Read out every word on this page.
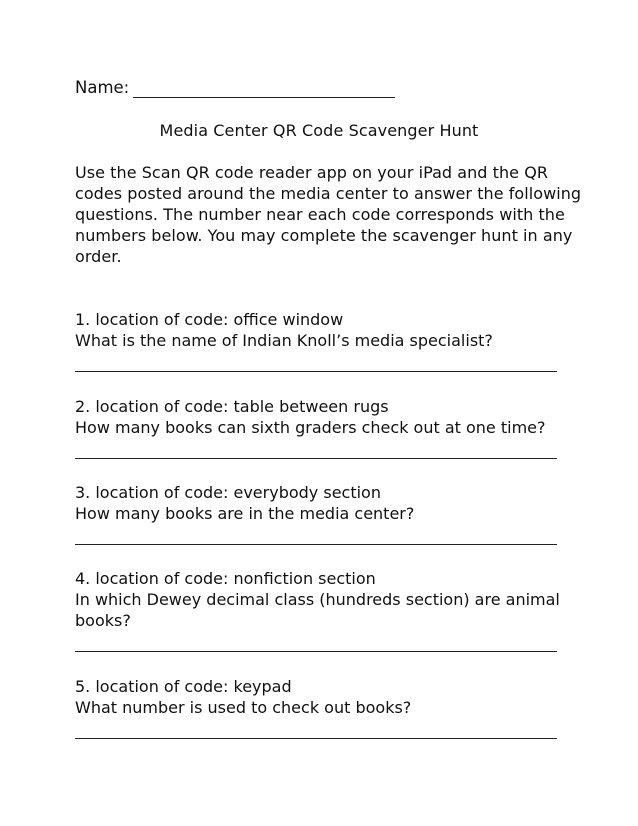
Name:
Media Center QR Code Scavenger Hunt
Use the Scan QR code reader app on your iPad and the QR
codes posted around the media center to answer the following
questions. The number near each code corresponds with the
numbers below. You may complete the scavenger hunt in any
order.
1. location of code: office window
What is the name of Indian Knoll’s media specialist?
2. location of code: table between rugs
How many books can sixth graders check out at one time?
3. location of code: everybody section
How many books are in the media center?
4. location of code: nonfiction section
In which Dewey decimal class (hundreds section) are animal
books?
5. location of code: keypad
What number is used to check out books?
